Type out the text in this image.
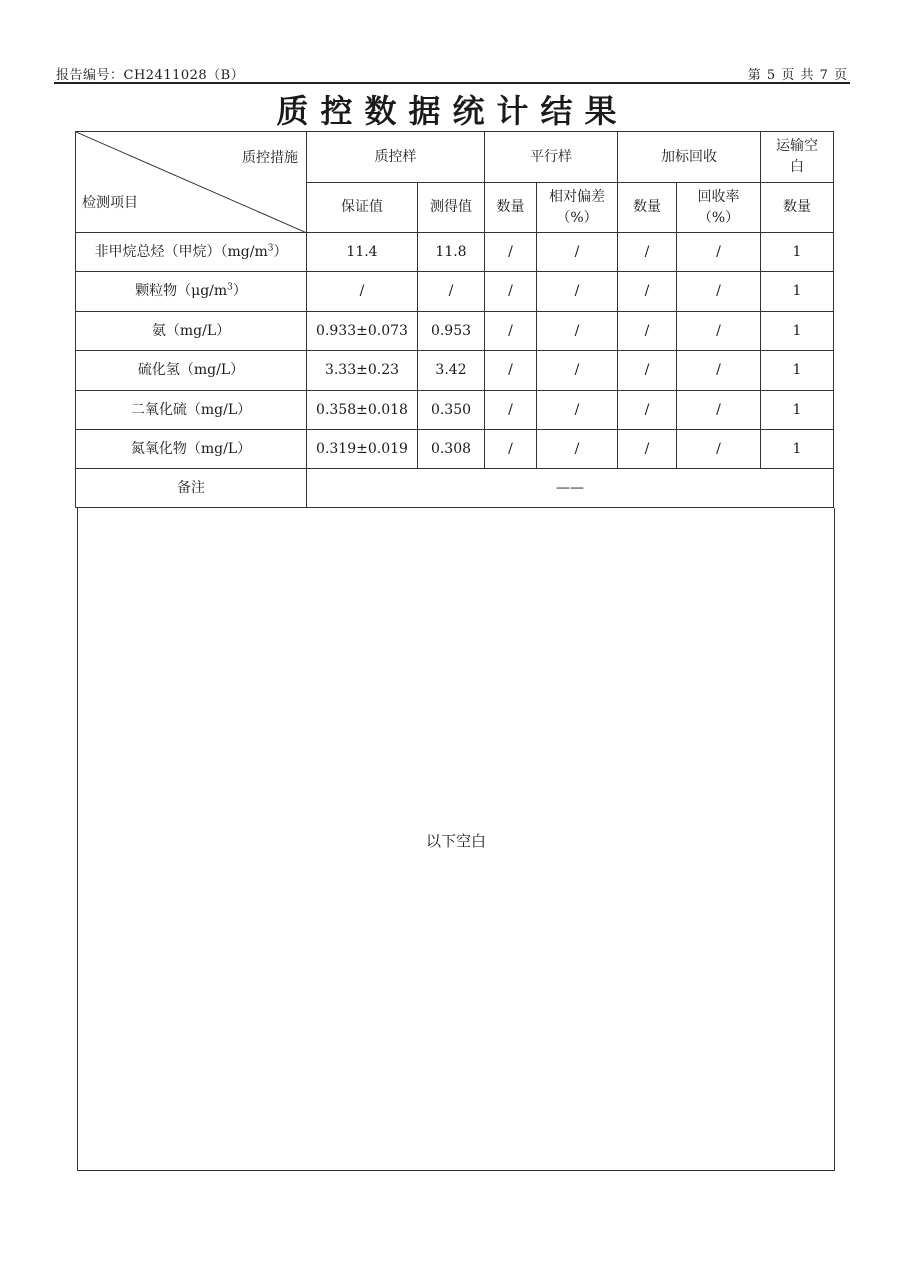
报告编号：CH2411028（B）	第 5 页 共 7 页
质控数据统计结果
质控措施
检测项目	质控样		平行样		加标回收		运输空白
	保证值	测得值	数量	相对偏差（%）	数量	回收率（%）	数量
非甲烷总烃（甲烷）$(mg/m^3)$	11.4	11.8	/	/	/	/	1
颗粒物$(\mu g/m^3)$	/	/	/	/	/	/	1
氨（mg/L）	0.933±0.073	0.953	/	/	/	/	1
硫化氢（mg/L）	3.33±0.23	3.42	/	/	/	/	1
二氧化硫（mg/L）	0.358±0.018	0.350	/	/	/	/	1
氮氧化物（mg/L）	0.319±0.019	0.308	/	/	/	/	1
备注	——						
以下空白
